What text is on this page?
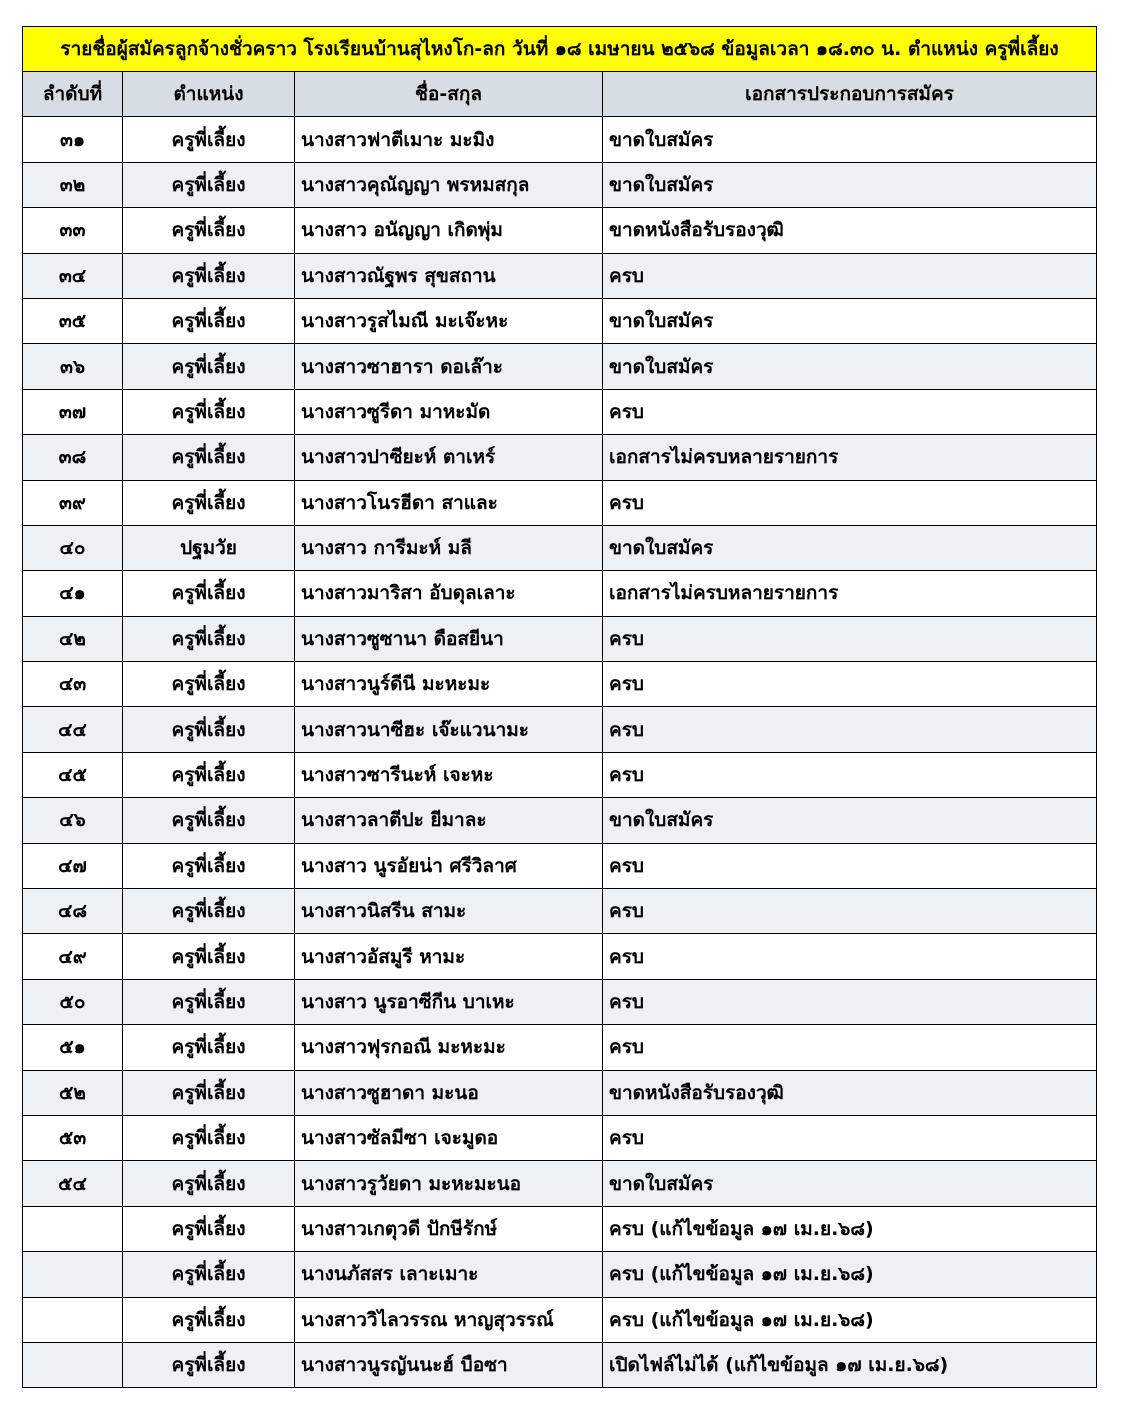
รายชื่อผู้สมัครลูกจ้างชั่วคราว โรงเรียนบ้านสุไหงโก-ลก วันที่ ๑๘ เมษายน ๒๕๖๘ ข้อมูลเวลา ๑๘.๓๐ น. ตำแหน่ง ครูพี่เลี้ยง			
ลำดับที่	ตำแหน่ง	ชื่อ-สกุล	เอกสารประกอบการสมัคร
๓๑	ครูพี่เลี้ยง	นางสาวฟาตีเมาะ มะมิง	ขาดใบสมัคร
๓๒	ครูพี่เลี้ยง	นางสาวคุณัญญา พรหมสกุล	ขาดใบสมัคร
๓๓	ครูพี่เลี้ยง	นางสาว อนัญญา เกิดพุ่ม	ขาดหนังสือรับรองวุฒิ
๓๔	ครูพี่เลี้ยง	นางสาวณัฐพร สุขสถาน	ครบ
๓๕	ครูพี่เลี้ยง	นางสาวรูสไมณี มะเจ๊ะหะ	ขาดใบสมัคร
๓๖	ครูพี่เลี้ยง	นางสาวซาฮารา ดอเล๊าะ	ขาดใบสมัคร
๓๗	ครูพี่เลี้ยง	นางสาวซูรีดา มาหะมัด	ครบ
๓๘	ครูพี่เลี้ยง	นางสาวปาซียะห์ ตาเหร์	เอกสารไม่ครบหลายรายการ
๓๙	ครูพี่เลี้ยง	นางสาวโนรฮีดา สาและ	ครบ
๔๐	ปฐมวัย	นางสาว การีมะห์ มลี	ขาดใบสมัคร
๔๑	ครูพี่เลี้ยง	นางสาวมาริสา อับดุลเลาะ	เอกสารไม่ครบหลายรายการ
๔๒	ครูพี่เลี้ยง	นางสาวซูซานา ดือสยีนา	ครบ
๔๓	ครูพี่เลี้ยง	นางสาวนูร์ดีนี มะหะมะ	ครบ
๔๔	ครูพี่เลี้ยง	นางสาวนาซีฮะ เจ๊ะแวนามะ	ครบ
๔๕	ครูพี่เลี้ยง	นางสาวซารีนะห์ เจะหะ	ครบ
๔๖	ครูพี่เลี้ยง	นางสาวลาตีปะ ยีมาละ	ขาดใบสมัคร
๔๗	ครูพี่เลี้ยง	นางสาว นูรอัยน่า ศรีวิลาศ	ครบ
๔๘	ครูพี่เลี้ยง	นางสาวนิสรีน สามะ	ครบ
๔๙	ครูพี่เลี้ยง	นางสาวอัสมูรี หามะ	ครบ
๕๐	ครูพี่เลี้ยง	นางสาว นูรอาซีกีน บาเหะ	ครบ
๕๑	ครูพี่เลี้ยง	นางสาวฟุรกอณี มะหะมะ	ครบ
๕๒	ครูพี่เลี้ยง	นางสาวซูฮาดา มะนอ	ขาดหนังสือรับรองวุฒิ
๕๓	ครูพี่เลี้ยง	นางสาวซัลมีซา เจะมูดอ	ครบ
๕๔	ครูพี่เลี้ยง	นางสาวรูวัยดา มะหะมะนอ	ขาดใบสมัคร
	ครูพี่เลี้ยง	นางสาวเกตุวดี ปักษีรักษ์	ครบ (แก้ไขข้อมูล ๑๗ เม.ย.๖๘)
	ครูพี่เลี้ยง	นางนภัสสร เลาะเมาะ	ครบ (แก้ไขข้อมูล ๑๗ เม.ย.๖๘)
	ครูพี่เลี้ยง	นางสาววิไลวรรณ หาญสุวรรณ์	ครบ (แก้ไขข้อมูล ๑๗ เม.ย.๖๘)
	ครูพี่เลี้ยง	นางสาวนูรญันนะฮ์ บือซา	เปิดไฟล์ไม่ได้ (แก้ไขข้อมูล ๑๗ เม.ย.๖๘)
